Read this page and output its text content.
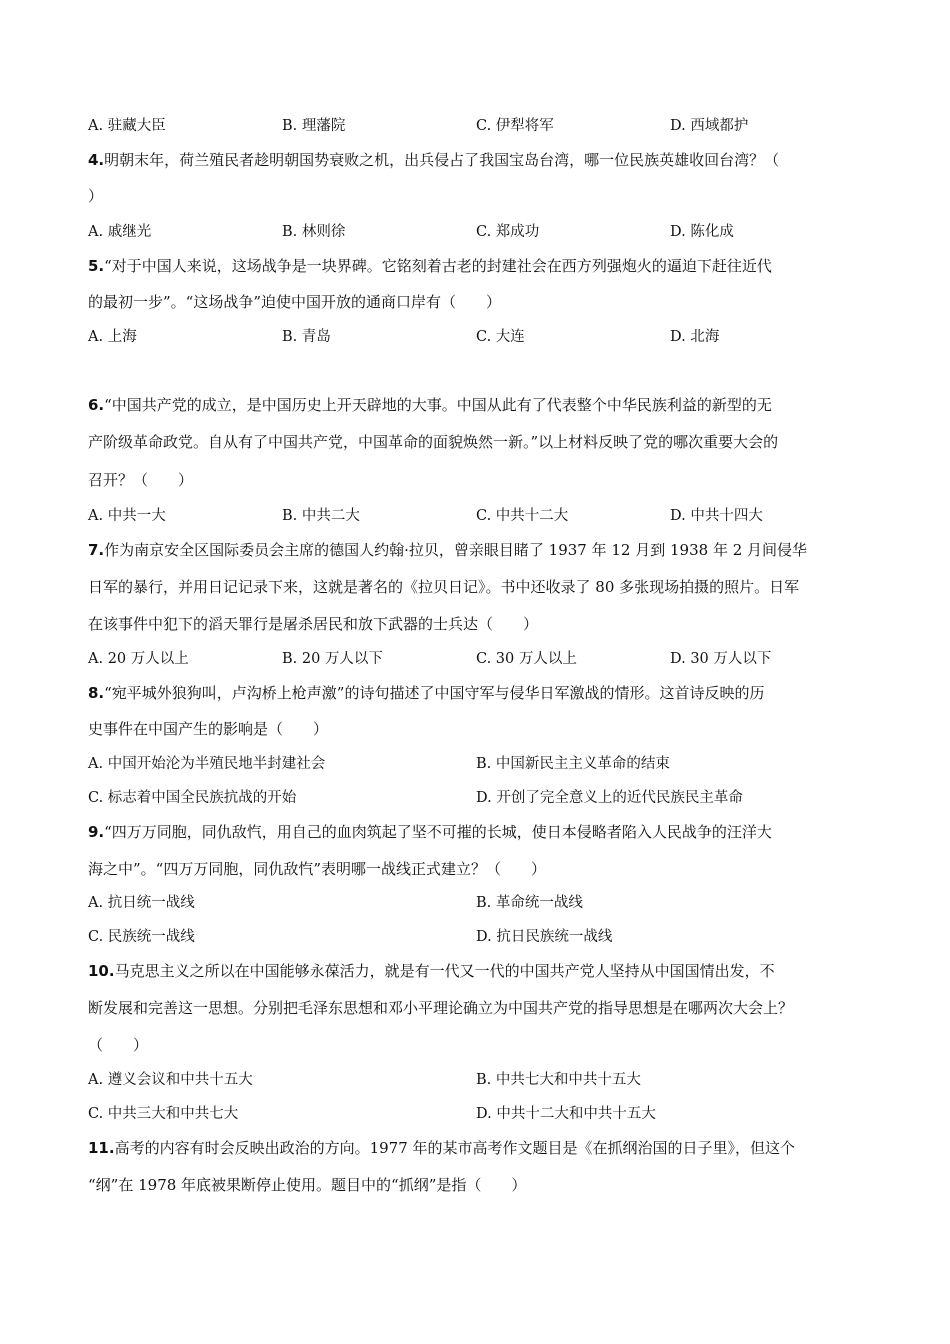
A. 驻藏大臣	B. 理藩院	C. 伊犁将军	D. 西域都护
4.明朝末年，荷兰殖民者趁明朝国势衰败之机，出兵侵占了我国宝岛台湾，哪一位民族英雄收回台湾？（
）
A. 戚继光	B. 林则徐	C. 郑成功	D. 陈化成
5.“对于中国人来说，这场战争是一块界碑。它铭刻着古老的封建社会在西方列强炮火的逼迫下赶往近代
的最初一步”。“这场战争”迫使中国开放的通商口岸有（　　）
A. 上海	B. 青岛	C. 大连	D. 北海
6.“中国共产党的成立，是中国历史上开天辟地的大事。中国从此有了代表整个中华民族利益的新型的无
产阶级革命政党。自从有了中国共产党，中国革命的面貌焕然一新。”以上材料反映了党的哪次重要大会的
召开？（　　）
A. 中共一大	B. 中共二大	C. 中共十二大	D. 中共十四大
7.作为南京安全区国际委员会主席的德国人约翰·拉贝，曾亲眼目睹了 1937 年 12 月到 1938 年 2 月间侵华
日军的暴行，并用日记记录下来，这就是著名的《拉贝日记》。书中还收录了 80 多张现场拍摄的照片。日军
在该事件中犯下的滔天罪行是屠杀居民和放下武器的士兵达（　　）
A. 20 万人以上	B. 20 万人以下	C. 30 万人以上	D. 30 万人以下
8.“宛平城外狼狗叫，卢沟桥上枪声激”的诗句描述了中国守军与侵华日军激战的情形。这首诗反映的历
史事件在中国产生的影响是（　　）
A. 中国开始沦为半殖民地半封建社会	B. 中国新民主主义革命的结束
C. 标志着中国全民族抗战的开始	D. 开创了完全意义上的近代民族民主革命
9.“四万万同胞，同仇敌忾，用自己的血肉筑起了坚不可摧的长城，使日本侵略者陷入人民战争的汪洋大
海之中”。“四万万同胞，同仇敌忾”表明哪一战线正式建立？（　　）
A. 抗日统一战线	B. 革命统一战线
C. 民族统一战线	D. 抗日民族统一战线
10.马克思主义之所以在中国能够永葆活力，就是有一代又一代的中国共产党人坚持从中国国情出发，不
断发展和完善这一思想。分别把毛泽东思想和邓小平理论确立为中国共产党的指导思想是在哪两次大会上？
（　　）
A. 遵义会议和中共十五大	B. 中共七大和中共十五大
C. 中共三大和中共七大	D. 中共十二大和中共十五大
11.高考的内容有时会反映出政治的方向。1977 年的某市高考作文题目是《在抓纲治国的日子里》，但这个
“纲”在 1978 年底被果断停止使用。题目中的“抓纲”是指（　　）
